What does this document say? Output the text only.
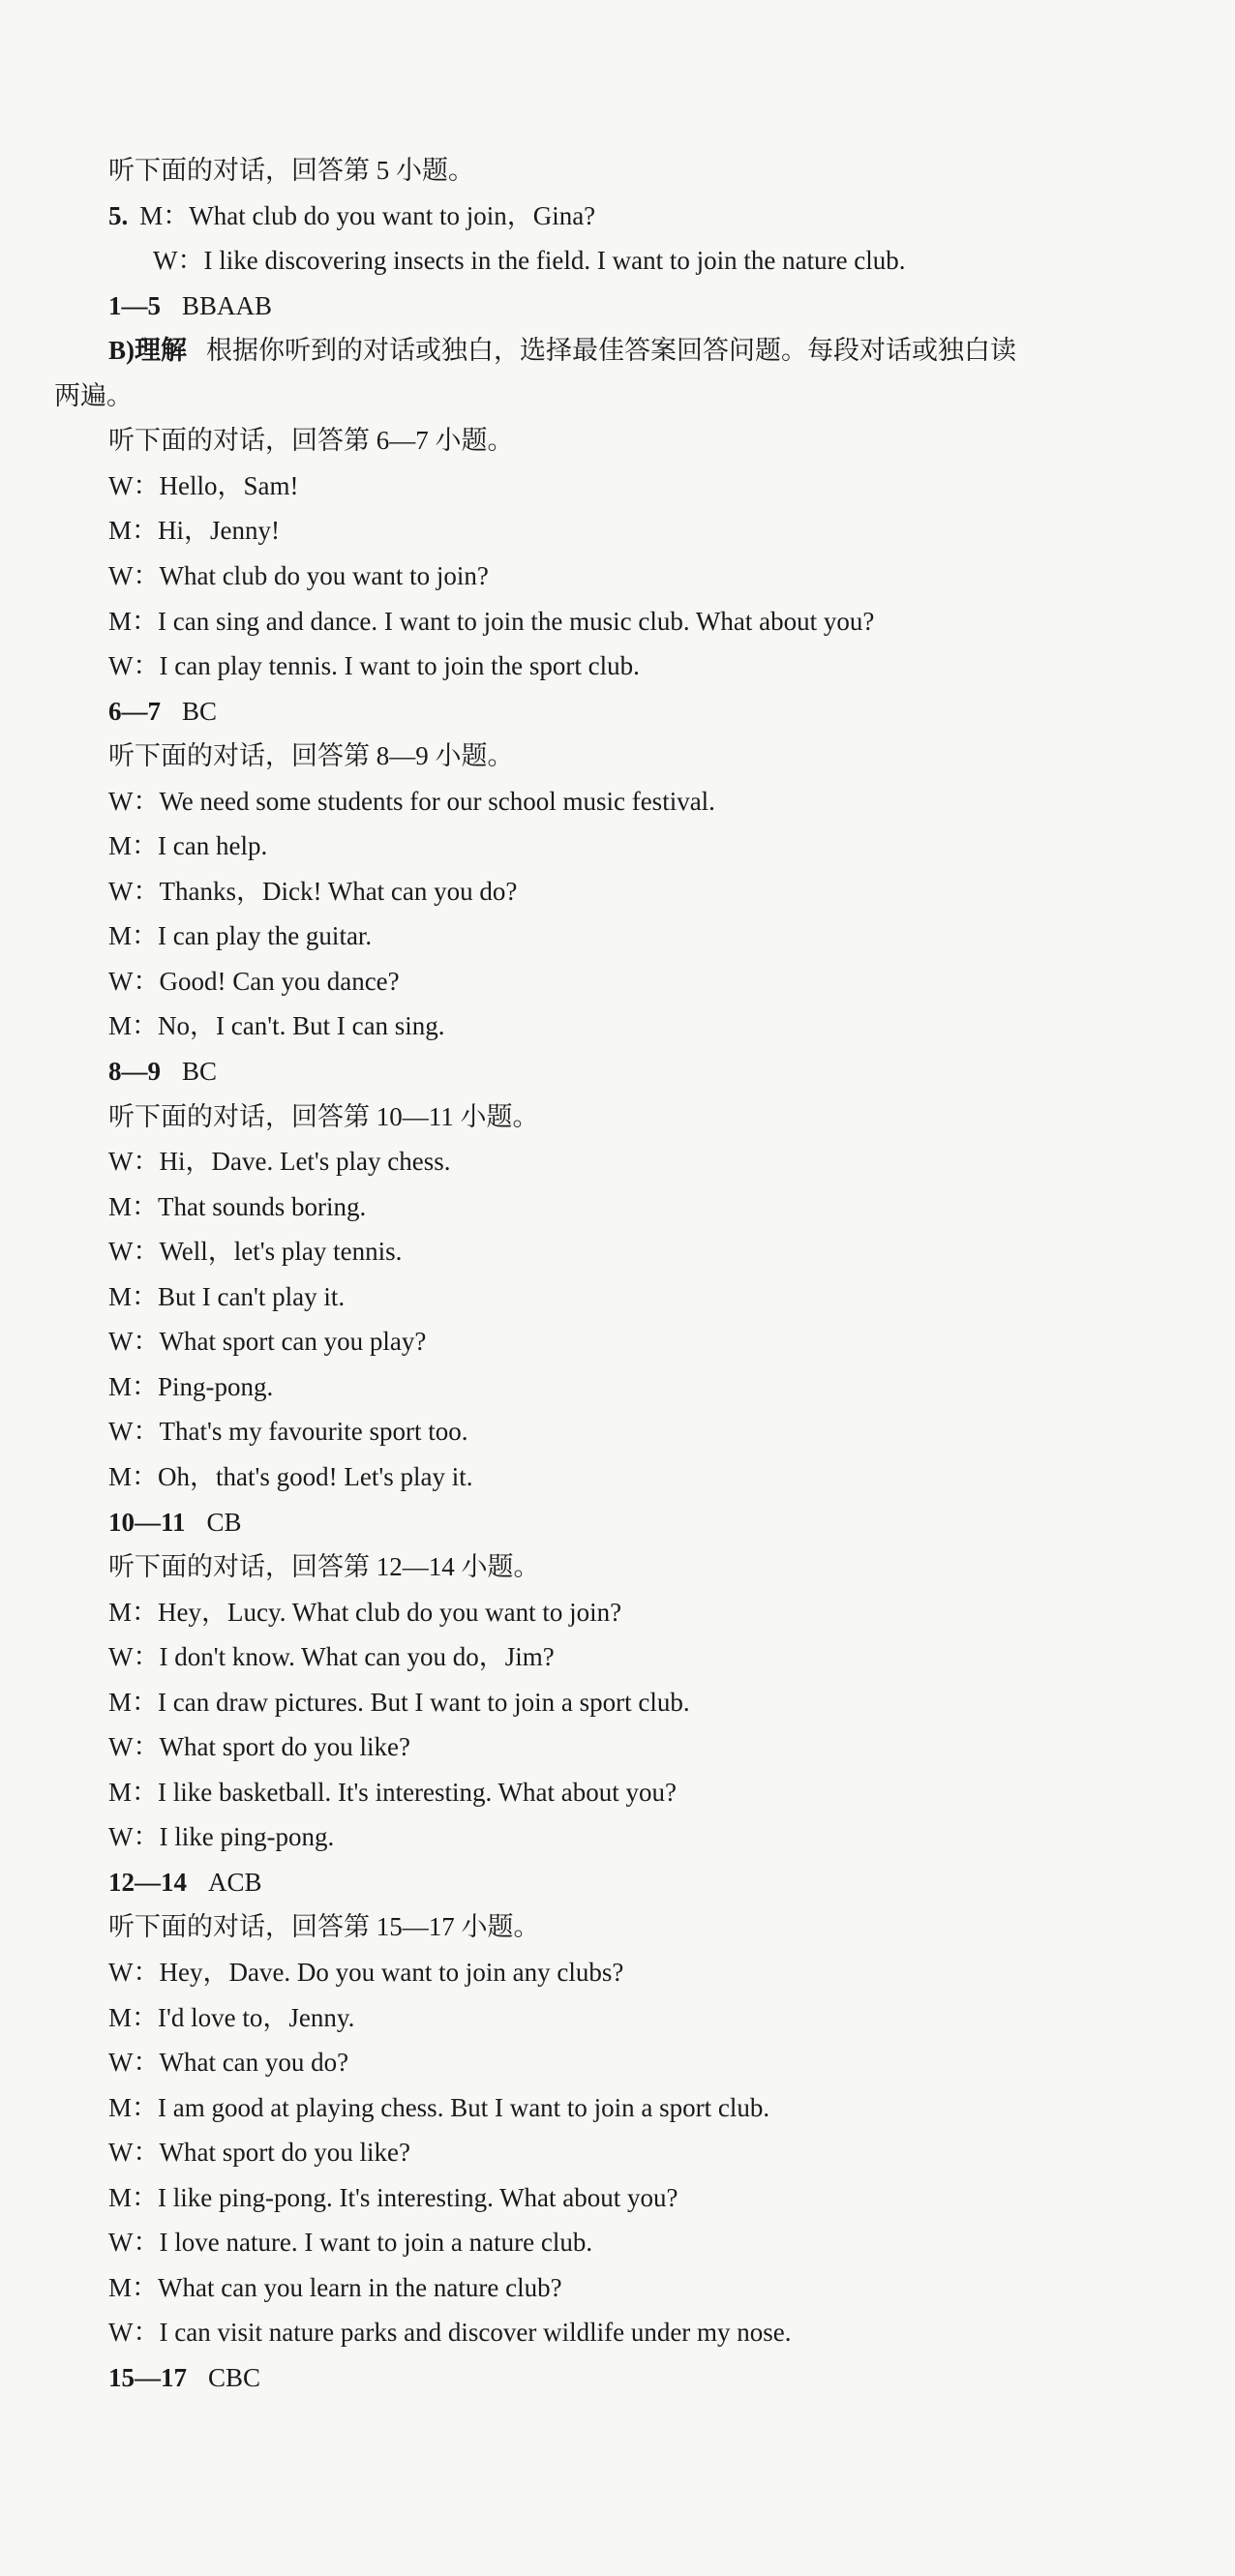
听下面的对话，回答第 5 小题。
5. M：What club do you want to join，Gina?
W：I like discovering insects in the field. I want to join the nature club.
1—5 BBAAB
B)理解 根据你听到的对话或独白，选择最佳答案回答问题。每段对话或独白读
两遍。
听下面的对话，回答第 6—7 小题。
W：Hello，Sam!
M：Hi，Jenny!
W：What club do you want to join?
M：I can sing and dance. I want to join the music club. What about you?
W：I can play tennis. I want to join the sport club.
6—7 BC
听下面的对话，回答第 8—9 小题。
W：We need some students for our school music festival.
M：I can help.
W：Thanks，Dick! What can you do?
M：I can play the guitar.
W：Good! Can you dance?
M：No，I can't. But I can sing.
8—9 BC
听下面的对话，回答第 10—11 小题。
W：Hi，Dave. Let's play chess.
M：That sounds boring.
W：Well，let's play tennis.
M：But I can't play it.
W：What sport can you play?
M：Ping-pong.
W：That's my favourite sport too.
M：Oh，that's good! Let's play it.
10—11 CB
听下面的对话，回答第 12—14 小题。
M：Hey，Lucy. What club do you want to join?
W：I don't know. What can you do，Jim?
M：I can draw pictures. But I want to join a sport club.
W：What sport do you like?
M：I like basketball. It's interesting. What about you?
W：I like ping-pong.
12—14 ACB
听下面的对话，回答第 15—17 小题。
W：Hey，Dave. Do you want to join any clubs?
M：I'd love to，Jenny.
W：What can you do?
M：I am good at playing chess. But I want to join a sport club.
W：What sport do you like?
M：I like ping-pong. It's interesting. What about you?
W：I love nature. I want to join a nature club.
M：What can you learn in the nature club?
W：I can visit nature parks and discover wildlife under my nose.
15—17 CBC
